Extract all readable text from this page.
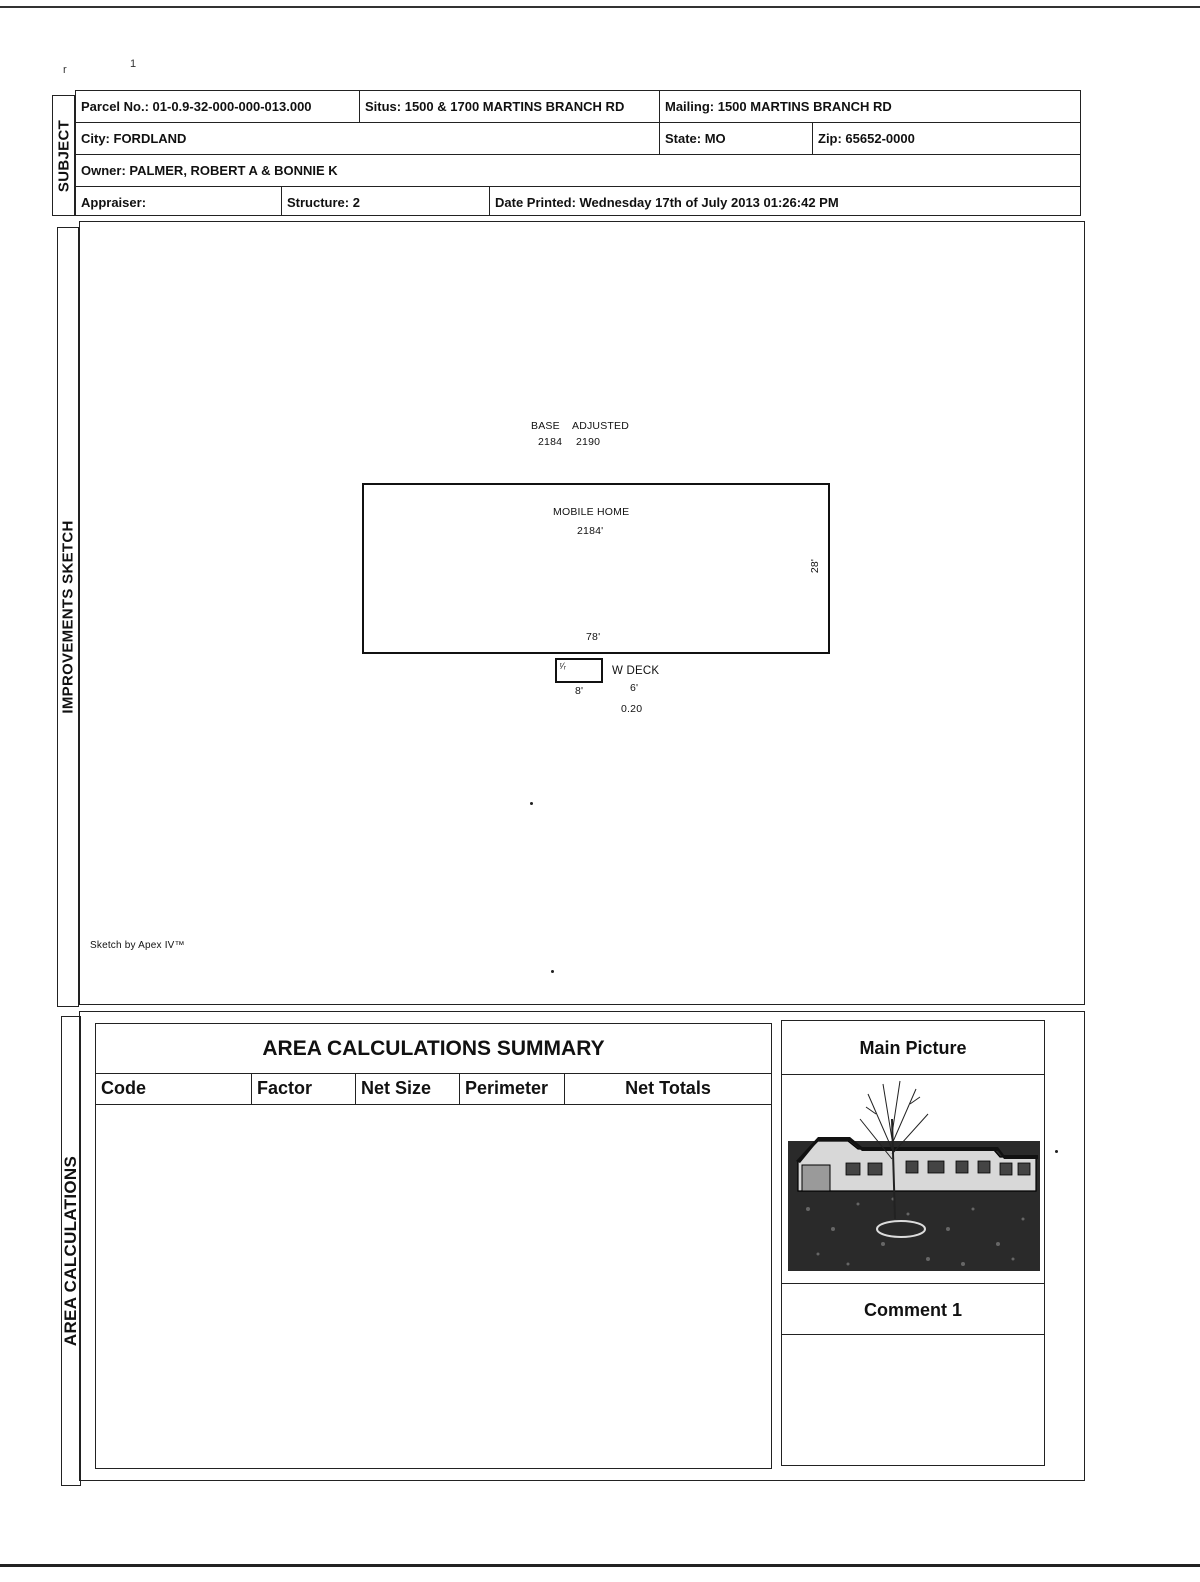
r	1
SUBJECT
Parcel No.: 01-0.9-32-000-000-013.000	Situs: 1500 & 1700 MARTINS BRANCH RD	Mailing: 1500 MARTINS BRANCH RD
City: FORDLAND	State: MO	Zip: 65652-0000
Owner: PALMER, ROBERT A & BONNIE K
Appraiser:	Structure: 2	Date Printed: Wednesday 17th of July 2013 01:26:42 PM
IMPROVEMENTS SKETCH
BASE ADJUSTED
2184 2190
MOBILE HOME
2184'
78'
28'
ᵗ⁄ᵣ	W DECK
8'	6'
0.20
Sketch by Apex IV™
AREA CALCULATIONS
AREA CALCULATIONS SUMMARY
Code	Factor	Net Size	Perimeter	Net Totals
Main Picture
Comment 1
